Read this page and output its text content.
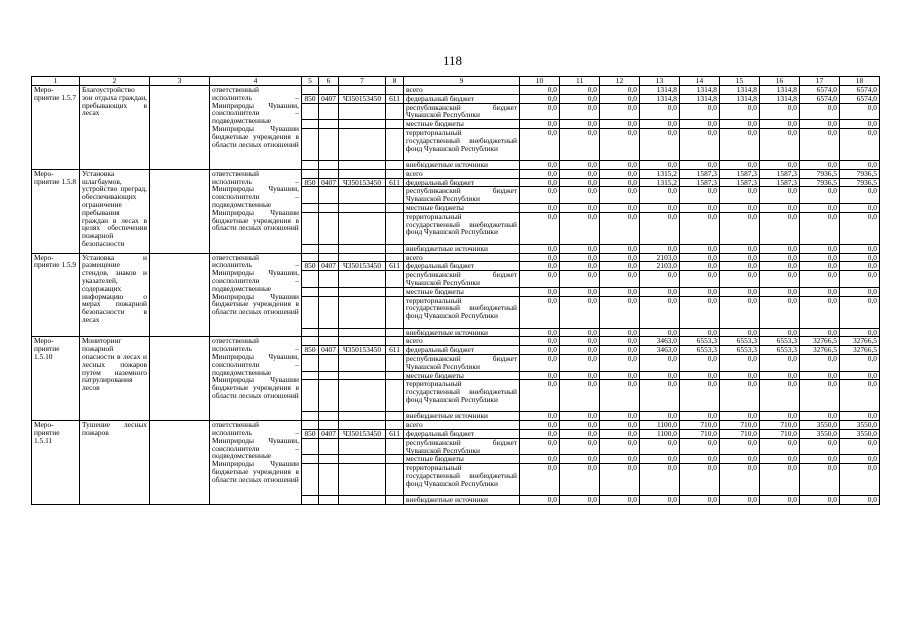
118
1	2	3	4	5	6	7	8	9	10	11	12	13	14	15	16	17	18
Меро-приятие 1.5.7	Благоустройство зон отдыха граждан, пребывающих в лесах		ответственный исполнитель – Минприроды Чувашии, соисполнители – подведомственные Минприроды Чувашии бюджетные учреждения в области лесных отношений					всего	0,0	0,0	0,0	1314,8	1314,8	1314,8	1314,8	6574,0	6574,0
				850	0407	Ч350153450	611	федеральный бюджет	0,0	0,0	0,0	1314,8	1314,8	1314,8	1314,8	6574,0	6574,0
								республиканский бюджет Чувашской Республики	0,0	0,0	0,0	0,0	0,0	0,0	0,0	0,0	0,0
								местные бюджеты	0,0	0,0	0,0	0,0	0,0	0,0	0,0	0,0	0,0
								территориальный государственный внебюджетный фонд Чувашской Республики	0,0	0,0	0,0	0,0	0,0	0,0	0,0	0,0	0,0
								внебюджетные источники	0,0	0,0	0,0	0,0	0,0	0,0	0,0	0,0	0,0
Меро-приятие 1.5.8	Установка шлагбаумов, устройство преград, обеспечивающих ограничение пребывания граждан в лесах в целях обеспечения пожарной безопасности		ответственный исполнитель – Минприроды Чувашии, соисполнители – подведомственные Минприроды Чувашии бюджетные учреждения в области лесных отношений					всего	0,0	0,0	0,0	1315,2	1587,3	1587,3	1587,3	7936,5	7936,5
				850	0407	Ч350153450	611	федеральный бюджет	0,0	0,0	0,0	1315,2	1587,3	1587,3	1587,3	7936,5	7936,5
								республиканский бюджет Чувашской Республики	0,0	0,0	0,0	0,0	0,0	0,0	0,0	0,0	0,0
								местные бюджеты	0,0	0,0	0,0	0,0	0,0	0,0	0,0	0,0	0,0
								территориальный государственный внебюджетный фонд Чувашской Республики	0,0	0,0	0,0	0,0	0,0	0,0	0,0	0,0	0,0
								внебюджетные источники	0,0	0,0	0,0	0,0	0,0	0,0	0,0	0,0	0,0
Меро-приятие 1.5.9	Установка и размещение стендов, знаков и указателей, содержащих информацию о мерах пожарной безопасности в лесах		ответственный исполнитель – Минприроды Чувашии, соисполнители – подведомственные Минприроды Чувашии бюджетные учреждения в области лесных отношений					всего	0,0	0,0	0,0	2103,0	0,0	0,0	0,0	0,0	0,0
				850	0407	Ч350153450	611	федеральный бюджет	0,0	0,0	0,0	2103,0	0,0	0,0	0,0	0,0	0,0
								республиканский бюджет Чувашской Республики	0,0	0,0	0,0	0,0	0,0	0,0	0,0	0,0	0,0
								местные бюджеты	0,0	0,0	0,0	0,0	0,0	0,0	0,0	0,0	0,0
								территориальный государственный внебюджетный фонд Чувашской Республики	0,0	0,0	0,0	0,0	0,0	0,0	0,0	0,0	0,0
								внебюджетные источники	0,0	0,0	0,0	0,0	0,0	0,0	0,0	0,0	0,0
Меро-приятие 1.5.10	Мониторинг пожарной опасности в лесах и лесных пожаров путем наземного патрулирования лесов		ответственный исполнитель – Минприроды Чувашии, соисполнители – подведомственные Минприроды Чувашии бюджетные учреждения в области лесных отношений					всего	0,0	0,0	0,0	3463,0	6553,3	6553,3	6553,3	32766,5	32766,5
				850	0407	Ч350153450	611	федеральный бюджет	0,0	0,0	0,0	3463,0	6553,3	6553,3	6553,3	32766,5	32766,5
								республиканский бюджет Чувашской Республики	0,0	0,0	0,0	0,0	0,0	0,0	0,0	0,0	0,0
								местные бюджеты	0,0	0,0	0,0	0,0	0,0	0,0	0,0	0,0	0,0
								территориальный государственный внебюджетный фонд Чувашской Республики	0,0	0,0	0,0	0,0	0,0	0,0	0,0	0,0	0,0
								внебюджетные источники	0,0	0,0	0,0	0,0	0,0	0,0	0,0	0,0	0,0
Меро-приятие 1.5.11	Тушение лесных пожаров		ответственный исполнитель – Минприроды Чувашии, соисполнители – подведомственные Минприроды Чувашии бюджетные учреждения в области лесных отношений					всего	0,0	0,0	0,0	1100,0	710,0	710,0	710,0	3550,0	3550,0
				850	0407	Ч350153450	611	федеральный бюджет	0,0	0,0	0,0	1100,0	710,0	710,0	710,0	3550,0	3550,0
								республиканский бюджет Чувашской Республики	0,0	0,0	0,0	0,0	0,0	0,0	0,0	0,0	0,0
								местные бюджеты	0,0	0,0	0,0	0,0	0,0	0,0	0,0	0,0	0,0
								территориальный государственный внебюджетный фонд Чувашской Республики	0,0	0,0	0,0	0,0	0,0	0,0	0,0	0,0	0,0
								внебюджетные источники	0,0	0,0	0,0	0,0	0,0	0,0	0,0	0,0	0,0
